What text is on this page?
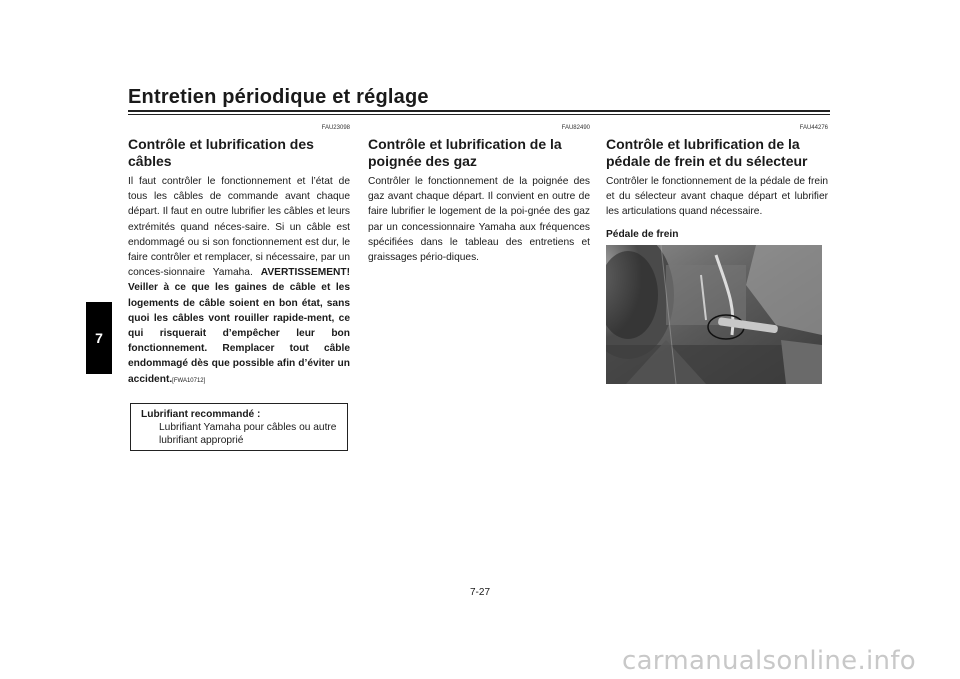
Entretien périodique et réglage
7
FAU23098
Contrôle et lubrification des câbles

Il faut contrôler le fonctionnement et l’état de tous les câbles de commande avant chaque départ. Il faut en outre lubrifier les câbles et leurs extrémités quand néces-saire. Si un câble est endommagé ou si son fonctionnement est dur, le faire contrôler et remplacer, si nécessaire, par un conces-sionnaire Yamaha. AVERTISSEMENT! Veiller à ce que les gaines de câble et les logements de câble soient en bon état, sans quoi les câbles vont rouiller rapide-ment, ce qui risquerait d’empêcher leur bon fonctionnement. Remplacer tout câble endommagé dès que possible afin d’éviter un accident.[FWA10712]

Lubrifiant recommandé :
Lubrifiant Yamaha pour câbles ou autre lubrifiant approprié
FAU82490
Contrôle et lubrification de la poignée des gaz

Contrôler le fonctionnement de la poignée des gaz avant chaque départ. Il convient en outre de faire lubrifier le logement de la poi-gnée des gaz par un concessionnaire Yamaha aux fréquences spécifiées dans le tableau des entretiens et graissages pério-diques.

FAU44276
Contrôle et lubrification de la pédale de frein et du sélecteur

Contrôler le fonctionnement de la pédale de frein et du sélecteur avant chaque départ et lubrifier les articulations quand nécessaire.

Pédale de frein
7-27
carmanualsonline.info
